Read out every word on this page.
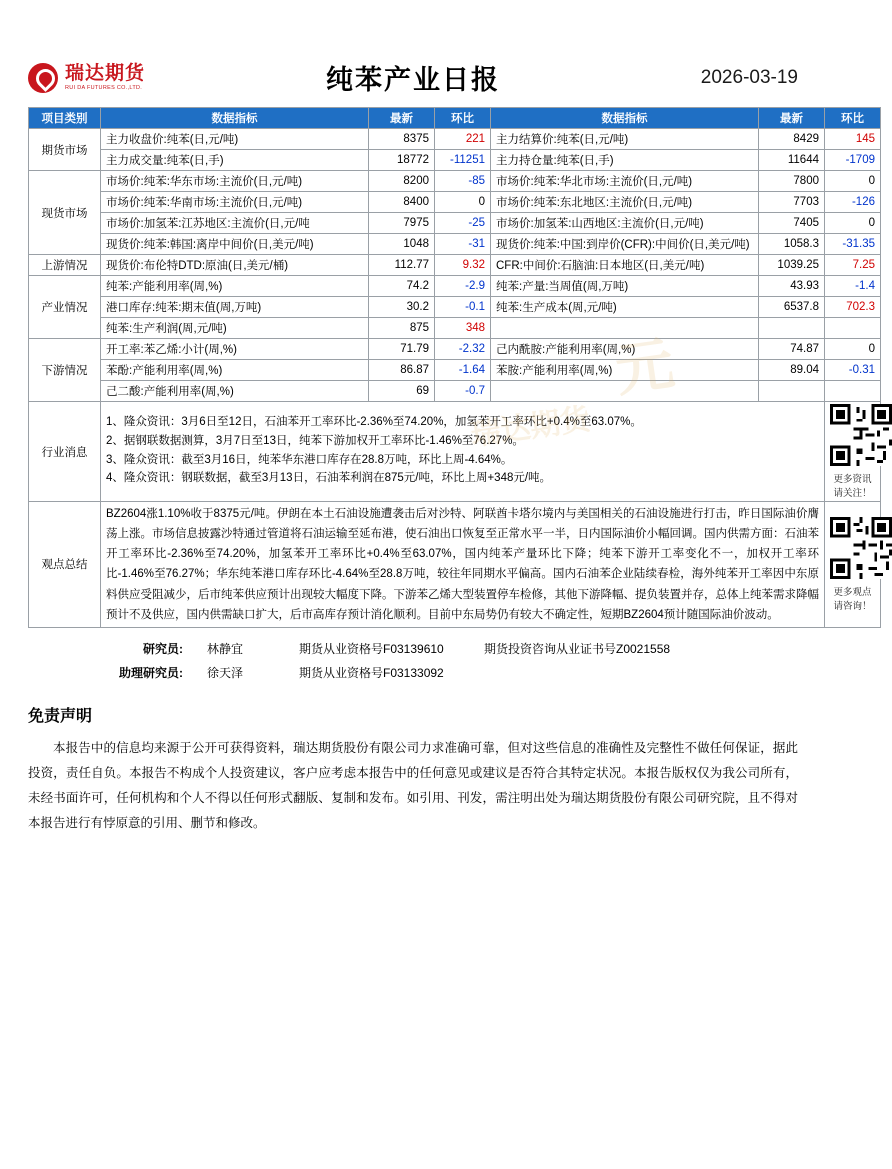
元
瑞达期货
瑞达期货
RUI DA FUTURES CO.,LTD.	纯苯产业日报	2026-03-19
项目类别	数据指标	最新	环比	数据指标	最新	环比
期货市场	主力收盘价:纯苯(日,元/吨)	8375	221	主力结算价:纯苯(日,元/吨)	8429	145
	主力成交量:纯苯(日,手)	18772	-11251	主力持仓量:纯苯(日,手)	11644	-1709
现货市场	市场价:纯苯:华东市场:主流价(日,元/吨)	8200	-85	市场价:纯苯:华北市场:主流价(日,元/吨)	7800	0
	市场价:纯苯:华南市场:主流价(日,元/吨)	8400	0	市场价:纯苯:东北地区:主流价(日,元/吨)	7703	-126
	市场价:加氢苯:江苏地区:主流价(日,元/吨	7975	-25	市场价:加氢苯:山西地区:主流价(日,元/吨)	7405	0
	现货价:纯苯:韩国:离岸中间价(日,美元/吨)	1048	-31	现货价:纯苯:中国:到岸价(CFR):中间价(日,美元/吨)	1058.3	-31.35
上游情况	现货价:布伦特DTD:原油(日,美元/桶)	112.77	9.32	CFR:中间价:石脑油:日本地区(日,美元/吨)	1039.25	7.25
产业情况	纯苯:产能利用率(周,%)	74.2	-2.9	纯苯:产量:当周值(周,万吨)	43.93	-1.4
	港口库存:纯苯:期末值(周,万吨)	30.2	-0.1	纯苯:生产成本(周,元/吨)	6537.8	702.3
	纯苯:生产利润(周,元/吨)	875	348			
下游情况	开工率:苯乙烯:小计(周,%)	71.79	-2.32	己内酰胺:产能利用率(周,%)	74.87	0
	苯酚:产能利用率(周,%)	86.87	-1.64	苯胺:产能利用率(周,%)	89.04	-0.31
	己二酸:产能利用率(周,%)	69	-0.7			
行业消息	1、隆众资讯：3月6日至12日，石油苯开工率环比-2.36%至74.20%，加氢苯开工率环比+0.4%至63.07%。

2、据钢联数据测算，3月7日至13日，纯苯下游加权开工率环比-1.46%至76.27%。

3、隆众资讯：截至3月16日，纯苯华东港口库存在28.8万吨，环比上周-4.64%。

4、隆众资讯：钢联数据，截至3月13日，石油苯利润在875元/吨，环比上周+348元/吨。					更多资讯请关注！

观点总结	BZ2604涨1.10%收于8375元/吨。伊朗在本土石油设施遭袭击后对沙特、阿联酋卡塔尔境内与美国相关的石油设施进行打击，昨日国际油价膺荡上涨。市场信息披露沙特通过管道将石油运输至延布港，使石油出口恢复至正常水平一半，日内国际油价小幅回调。国内供需方面：石油苯开工率环比-2.36%至74.20%，加氢苯开工率环比+0.4%至63.07%，国内纯苯产量环比下降；纯苯下游开工率变化不一，加权开工率环比-1.46%至76.27%；华东纯苯港口库存环比-4.64%至28.8万吨，较往年同期水平偏高。国内石油苯企业陆续春检，海外纯苯开工率因中东原料供应受阻减少，后市纯苯供应预计出现较大幅度下降。下游苯乙烯大型装置停车检修，其他下游降幅、提负装置并存，总体上纯苯需求降幅预计不及供应，国内供需缺口扩大，后市高库存预计消化顺利。目前中东局势仍有较大不确定性，短期BZ2604预计随国际油价波动。					更多观点请咨询！
研究员:	林静宜	期货从业资格号F03139610	期货投资咨询从业证书号Z0021558
助理研究员:	徐天泽	期货从业资格号F03133092
免责声明
本报告中的信息均来源于公开可获得资料，瑞达期货股份有限公司力求准确可靠，但对这些信息的准确性及完整性不做任何保证，据此投资，责任自负。本报告不构成个人投资建议，客户应考虑本报告中的任何意见或建议是否符合其特定状况。本报告版权仅为我公司所有，未经书面许可，任何机构和个人不得以任何形式翻版、复制和发布。如引用、刊发，需注明出处为瑞达期货股份有限公司研究院，且不得对本报告进行有悖原意的引用、删节和修改。
